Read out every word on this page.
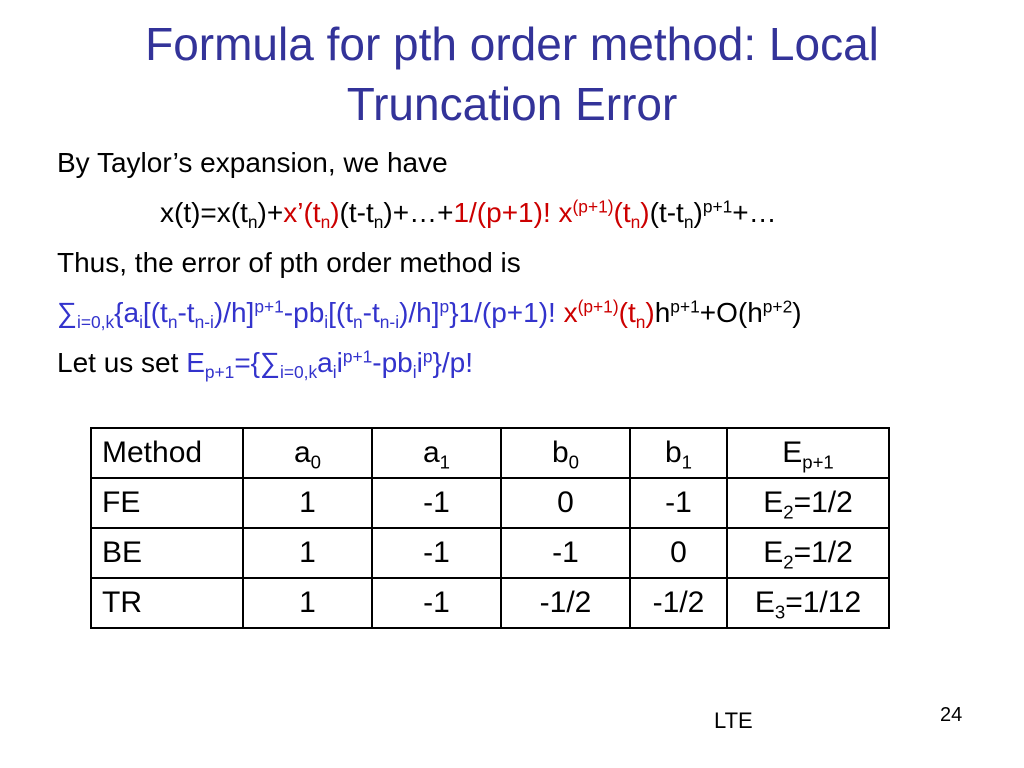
Formula for pth order method: Local Truncation Error
By Taylor’s expansion, we have
$x(t)=x(t_n)+x’(t_n)(t-t_n)+\dots+1/(p+1)$! $x^{(p+1)}(t_n)(t-t_n)^{p+1}+\dots$
Thus, the error of pth order method is
$\sum_{i=0,k}\{a_i[(t_n-t_{n-i})/h]^{p+1}-pb_i[(t_n-t_{n-i})/h]^p\}1/(p+1)$! $x^{(p+1)}(t_n)h^{p+1}+O(h^{p+2})$
Let us set $E_{p+1}=\{\sum_{i=0,k}a_ii^{p+1}-pb_ii^p\}/p$!
Method	$a_0$	$a_1$	$b_0$	$b_1$	$E_{p+1}$
FE	1	-1	0	-1	$E_2=1/2$
BE	1	-1	-1	0	$E_2=1/2$
TR	1	-1	-1/2	-1/2	$E_3=1/12$
LTE	24
